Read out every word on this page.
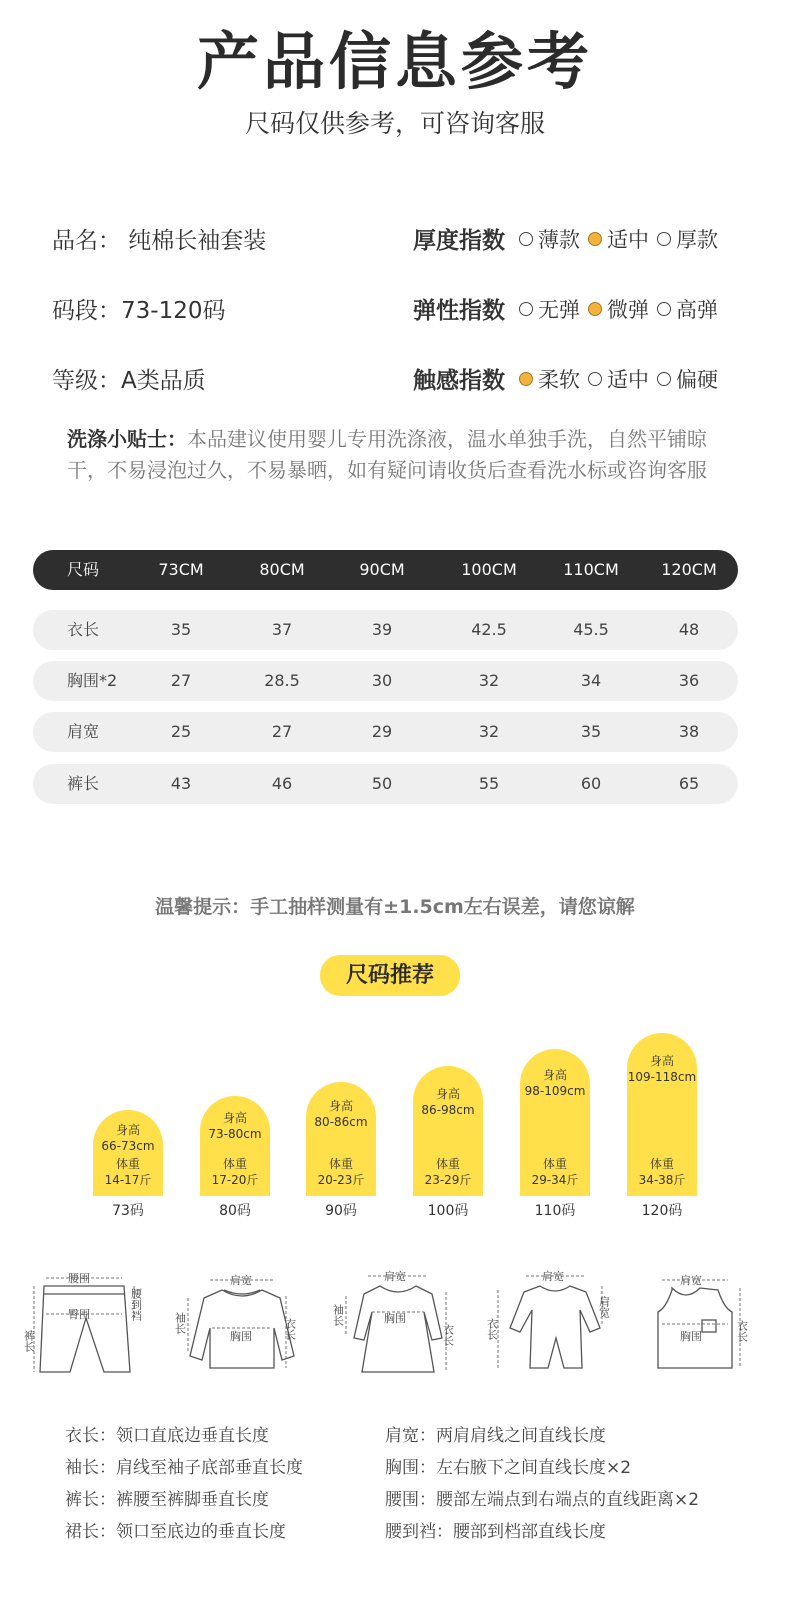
产品信息参考
尺码仅供参考，可咨询客服
品名： 纯棉长袖套装
码段：73-120码
等级：A类品质
厚度指数 薄款 适中 厚款
弹性指数 无弹 微弹 高弹
触感指数 柔软 适中 偏硬
洗涤小贴士：本品建议使用婴儿专用洗涤液，温水单独手洗，自然平铺晾干，不易浸泡过久，不易暴晒，如有疑问请收货后查看洗水标或咨询客服
尺码	73CM	80CM	90CM	100CM	110CM	120CM
衣长	35	37	39	42.5	45.5	48
胸围*2	27	28.5	30	32	34	36
肩宽	25	27	29	32	35	38
裤长	43	46	50	55	60	65
温馨提示：手工抽样测量有±1.5cm左右误差，请您谅解
尺码推荐
身高
66-73cm
体重
14-17斤
73码
身高
73-80cm
体重
17-20斤
80码
身高
80-86cm
体重
20-23斤
90码
身高
86-98cm
体重
23-29斤
100码
身高
98-109cm
体重
29-34斤
110码
身高
109-118cm
体重
34-38斤
120码
腰围
臀围
裤长
腰到裆
肩宽
胸围	衣长
袖长
肩宽
胸围
衣长
袖长
肩宽
衣长
肩宽
肩宽
胸围	衣长
衣长：领口直底边垂直长度
袖长：肩线至袖子底部垂直长度
裤长：裤腰至裤脚垂直长度
裙长：领口至底边的垂直长度
肩宽：两肩肩线之间直线长度
胸围：左右腋下之间直线长度×2
腰围：腰部左端点到右端点的直线距离×2
腰到裆：腰部到档部直线长度
